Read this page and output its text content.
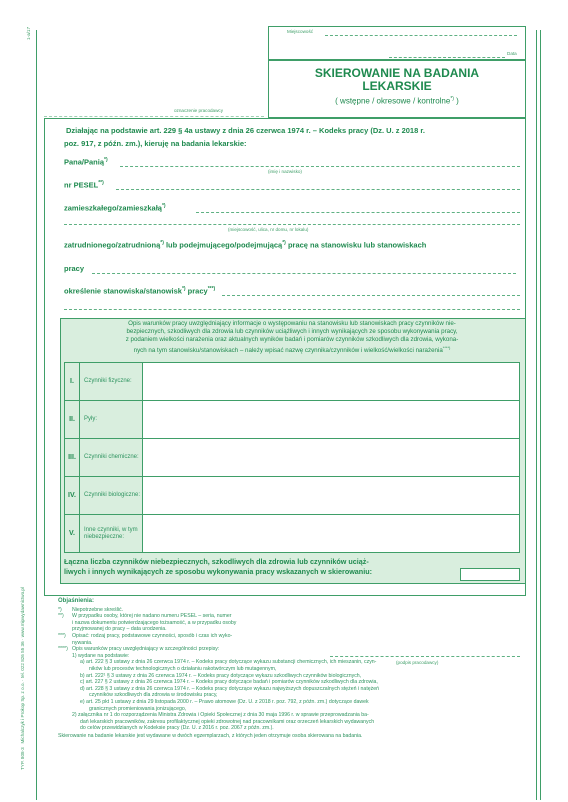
TYP. 808-3   Michalczyk i Prokop Sp. z o.o. · tel. 022 826 55 36 · www.mipwydawnictwo.pl
1-a/17
oznaczenie pracodawcy
Miejscowość
Data
SKIEROWANIE NA BADANIA
LEKARSKIE
( wstępne / okresowe / kontrolne*) )
Działając na podstawie art. 229 § 4a ustawy z dnia 26 czerwca 1974 r. – Kodeks pracy (Dz. U. z 2018 r.
poz. 917, z późn. zm.), kieruję na badania lekarskie:
Pana/Panią*)
(imię i nazwisko)
nr PESEL**)
zamieszkałego/zamieszkałą*)
(miejscowość, ulica, nr domu, nr lokalu)
zatrudnionego/zatrudnioną*) lub podejmującego/podejmującą*) pracę na stanowisku lub stanowiskach
pracy
określenie stanowiska/stanowisk*) pracy***)
Opis warunków pracy uwzględniający informacje o występowaniu na stanowisku lub stanowiskach pracy czynników nie-
bezpiecznych, szkodliwych dla zdrowia lub czynników uciążliwych i innych wynikających ze sposobu wykonywania pracy,
z podaniem wielkości narażenia oraz aktualnych wyników badań i pomiarów czynników szkodliwych dla zdrowia, wykona-
nych na tym stanowisku/stanowiskach – należy wpisać nazwę czynnika/czynników i wielkość/wielkości narażenia****)
I.	Czynniki fizyczne:	
II.	Pyły:	
III.	Czynniki chemiczne:	
IV.	Czynniki biologiczne:	
V.	Inne czynniki, w tym niebezpieczne:	
Łączna liczba czynników niebezpiecznych, szkodliwych dla zdrowia lub czynników uciąż-
liwych i innych wynikających ze sposobu wykonywania pracy wskazanych w skierowaniu:
Objaśnienia:
*) Niepotrzebne skreślić.
**) W przypadku osoby, której nie nadano numeru PESEL – seria, numer
i nazwa dokumentu potwierdzającego tożsamość, a w przypadku osoby
przyjmowanej do pracy – data urodzenia.
***) Opisać: rodzaj pracy, podstawowe czynności, sposób i czas ich wyko-
nywania.
****) Opis warunków pracy uwzględniający w szczególności przepisy:
1) wydane na podstawie:
a) art. 222 § 3 ustawy z dnia 26 czerwca 1974 r. – Kodeks pracy dotyczące wykazu substancji chemicznych, ich mieszanin, czyn-
ników lub procesów technologicznych o działaniu rakotwórczym lub mutagennym,
b) art. 222¹ § 3 ustawy z dnia 26 czerwca 1974 r. – Kodeks pracy dotyczące wykazu szkodliwych czynników biologicznych,
c) art. 227 § 2 ustawy z dnia 26 czerwca 1974 r. – Kodeks pracy dotyczące badań i pomiarów czynników szkodliwych dla zdrowia,
d) art. 228 § 3 ustawy z dnia 26 czerwca 1974 r. – Kodeks pracy dotyczące wykazu najwyższych dopuszczalnych stężeń i natężeń
czynników szkodliwych dla zdrowia w środowisku pracy,
e) art. 25 pkt 1 ustawy z dnia 29 listopada 2000 r. – Prawo atomowe (Dz. U. z 2018 r. poz. 792, z późn. zm.) dotyczące dawek
granicznych promieniowania jonizującego,
2) załącznika nr 1 do rozporządzenia Ministra Zdrowia i Opieki Społecznej z dnia 30 maja 1996 r. w sprawie przeprowadzania ba-
dań lekarskich pracowników, zakresu profilaktycznej opieki zdrowotnej nad pracownikami oraz orzeczeń lekarskich wydawanych
do celów przewidzianych w Kodeksie pracy (Dz. U. z 2016 r. poz. 2067 z późn. zm.).
Skierowanie na badanie lekarskie jest wydawane w dwóch egzemplarzach, z których jeden otrzymuje osoba skierowana na badania.
(podpis pracodawcy)
